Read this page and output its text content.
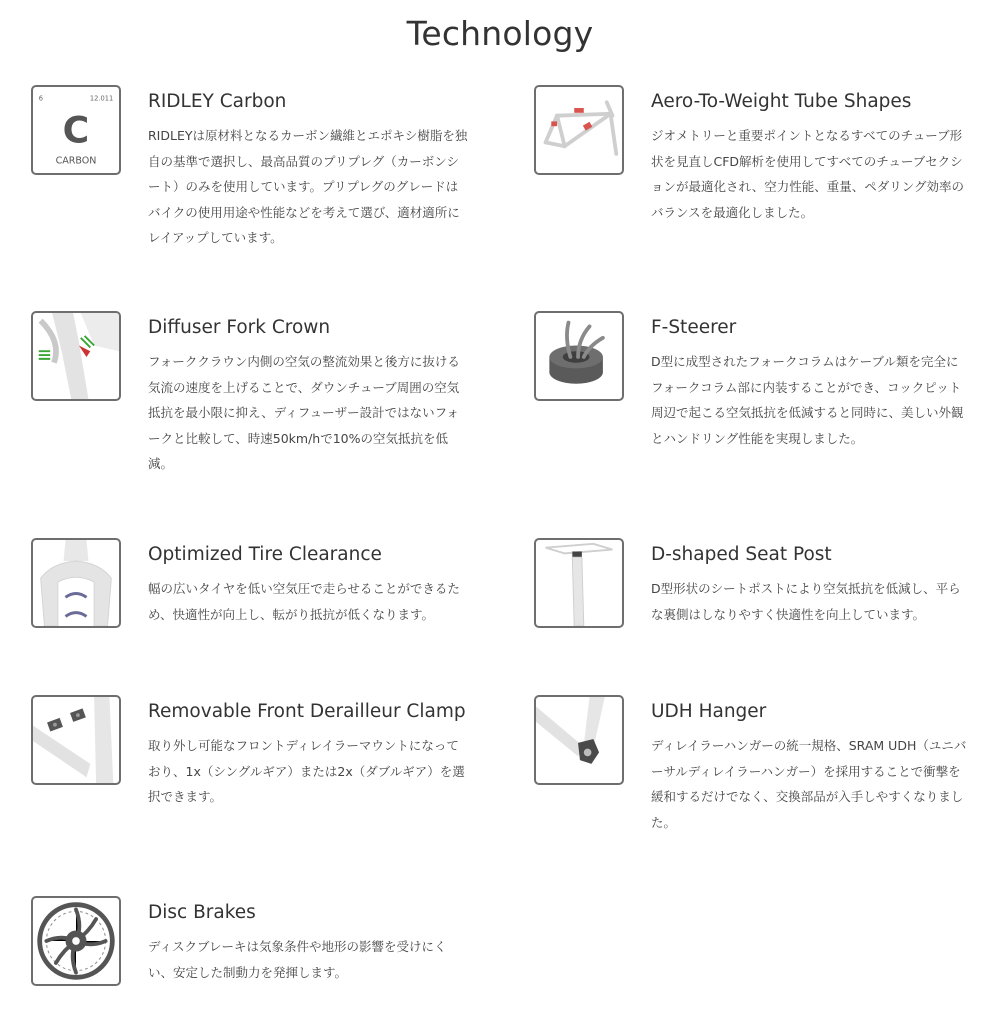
Technology
6	12.011
C
CARBON
RIDLEY Carbon

RIDLEYは原材料となるカーボン繊維とエポキシ樹脂を独自の基準で選択し、最高品質のプリプレグ（カーボンシート）のみを使用しています。プリプレグのグレードはバイクの使用用途や性能などを考えて選び、適材適所にレイアップしています。

Aero-To-Weight Tube Shapes

ジオメトリーと重要ポイントとなるすべてのチューブ形状を見直しCFD解析を使用してすべてのチューブセクションが最適化され、空力性能、重量、ペダリング効率のバランスを最適化しました。

Diffuser Fork Crown

フォーククラウン内側の空気の整流効果と後方に抜ける気流の速度を上げることで、ダウンチューブ周囲の空気抵抗を最小限に抑え、ディフューザー設計ではないフォークと比較して、時速50km/hで10%の空気抵抗を低減。

F-Steerer

D型に成型されたフォークコラムはケーブル類を完全にフォークコラム部に内装することができ、コックピット周辺で起こる空気抵抗を低減すると同時に、美しい外観とハンドリング性能を実現しました。

Optimized Tire Clearance

幅の広いタイヤを低い空気圧で走らせることができるため、快適性が向上し、転がり抵抗が低くなります。

D-shaped Seat Post

D型形状のシートポストにより空気抵抗を低減し、平らな裏側はしなりやすく快適性を向上しています。

Removable Front Derailleur Clamp

取り外し可能なフロントディレイラーマウントになっており、1x（シングルギア）または2x（ダブルギア）を選択できます。

UDH Hanger

ディレイラーハンガーの統一規格、SRAM UDH（ユニバーサルディレイラーハンガー）を採用することで衝撃を緩和するだけでなく、交換部品が入手しやすくなりました。

Disc Brakes

ディスクブレーキは気象条件や地形の影響を受けにくい、安定した制動力を発揮します。
